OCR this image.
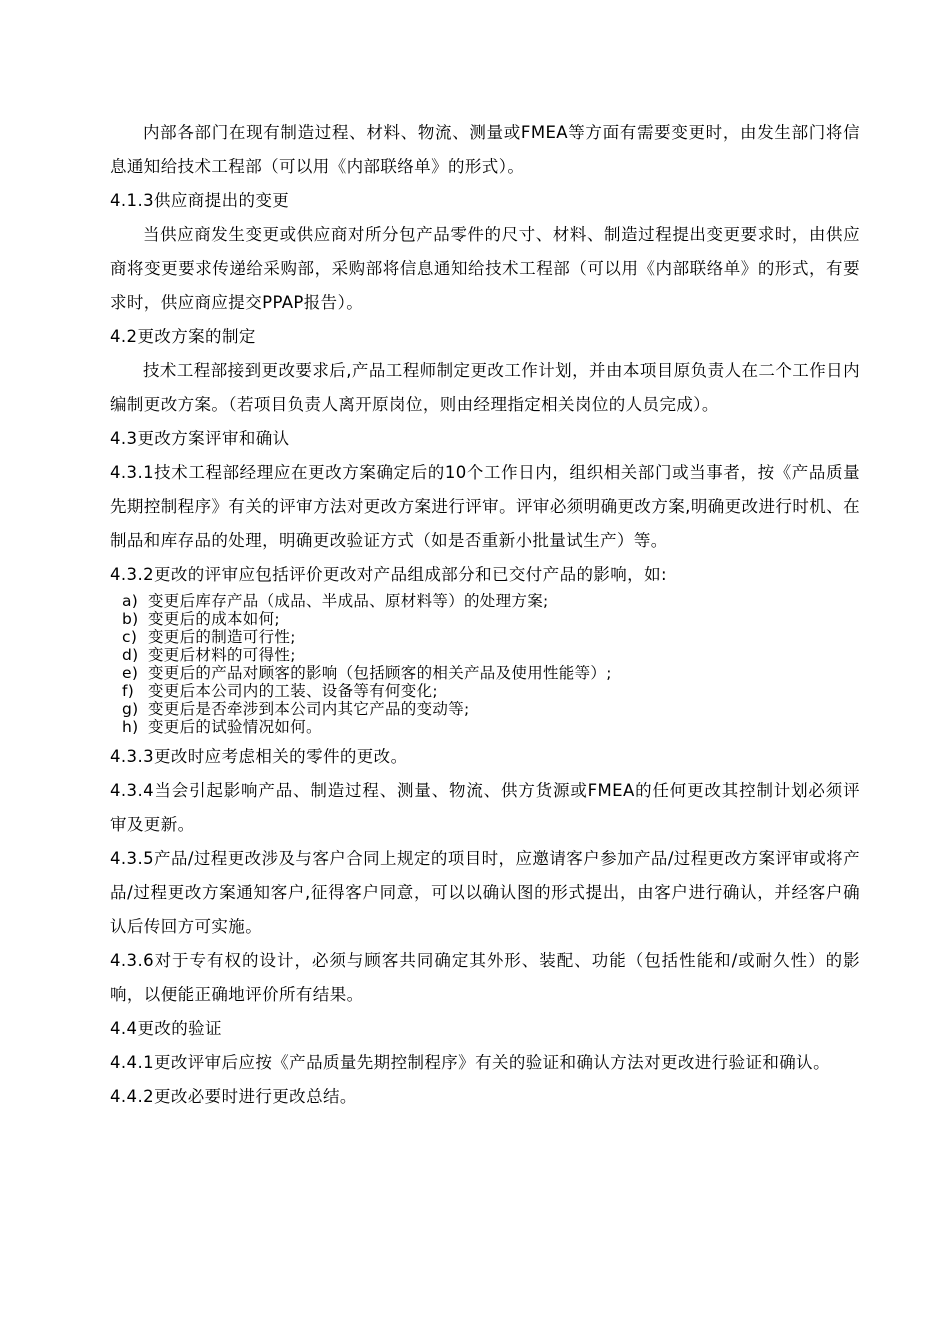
内部各部门在现有制造过程、材料、物流、测量或FMEA等方面有需要变更时，由发生部门将信息通知给技术工程部（可以用《内部联络单》的形式）。

4.1.3供应商提出的变更

当供应商发生变更或供应商对所分包产品零件的尺寸、材料、制造过程提出变更要求时，由供应商将变更要求传递给采购部，采购部将信息通知给技术工程部（可以用《内部联络单》的形式，有要求时，供应商应提交PPAP报告）。

4.2更改方案的制定

技术工程部接到更改要求后,产品工程师制定更改工作计划，并由本项目原负责人在二个工作日内编制更改方案。（若项目负责人离开原岗位，则由经理指定相关岗位的人员完成）。

4.3更改方案评审和确认

4.3.1技术工程部经理应在更改方案确定后的10个工作日内，组织相关部门或当事者，按《产品质量先期控制程序》有关的评审方法对更改方案进行评审。评审必须明确更改方案,明确更改进行时机、在制品和库存品的处理，明确更改验证方式（如是否重新小批量试生产）等。

4.3.2更改的评审应包括评价更改对产品组成部分和已交付产品的影响，如:

a) 变更后库存产品（成品、半成品、原材料等）的处理方案;
b) 变更后的成本如何;
c) 变更后的制造可行性;
d) 变更后材料的可得性;
e) 变更后的产品对顾客的影响（包括顾客的相关产品及使用性能等）;
f) 变更后本公司内的工装、设备等有何变化;
g) 变更后是否牵涉到本公司内其它产品的变动等;
h) 变更后的试验情况如何。

4.3.3更改时应考虑相关的零件的更改。

4.3.4当会引起影响产品、制造过程、测量、物流、供方货源或FMEA的任何更改其控制计划必须评审及更新。

4.3.5产品/过程更改涉及与客户合同上规定的项目时，应邀请客户参加产品/过程更改方案评审或将产品/过程更改方案通知客户,征得客户同意，可以以确认图的形式提出，由客户进行确认，并经客户确认后传回方可实施。

4.3.6对于专有权的设计，必须与顾客共同确定其外形、装配、功能（包括性能和/或耐久性）的影响，以便能正确地评价所有结果。

4.4更改的验证

4.4.1更改评审后应按《产品质量先期控制程序》有关的验证和确认方法对更改进行验证和确认。

4.4.2更改必要时进行更改总结。
